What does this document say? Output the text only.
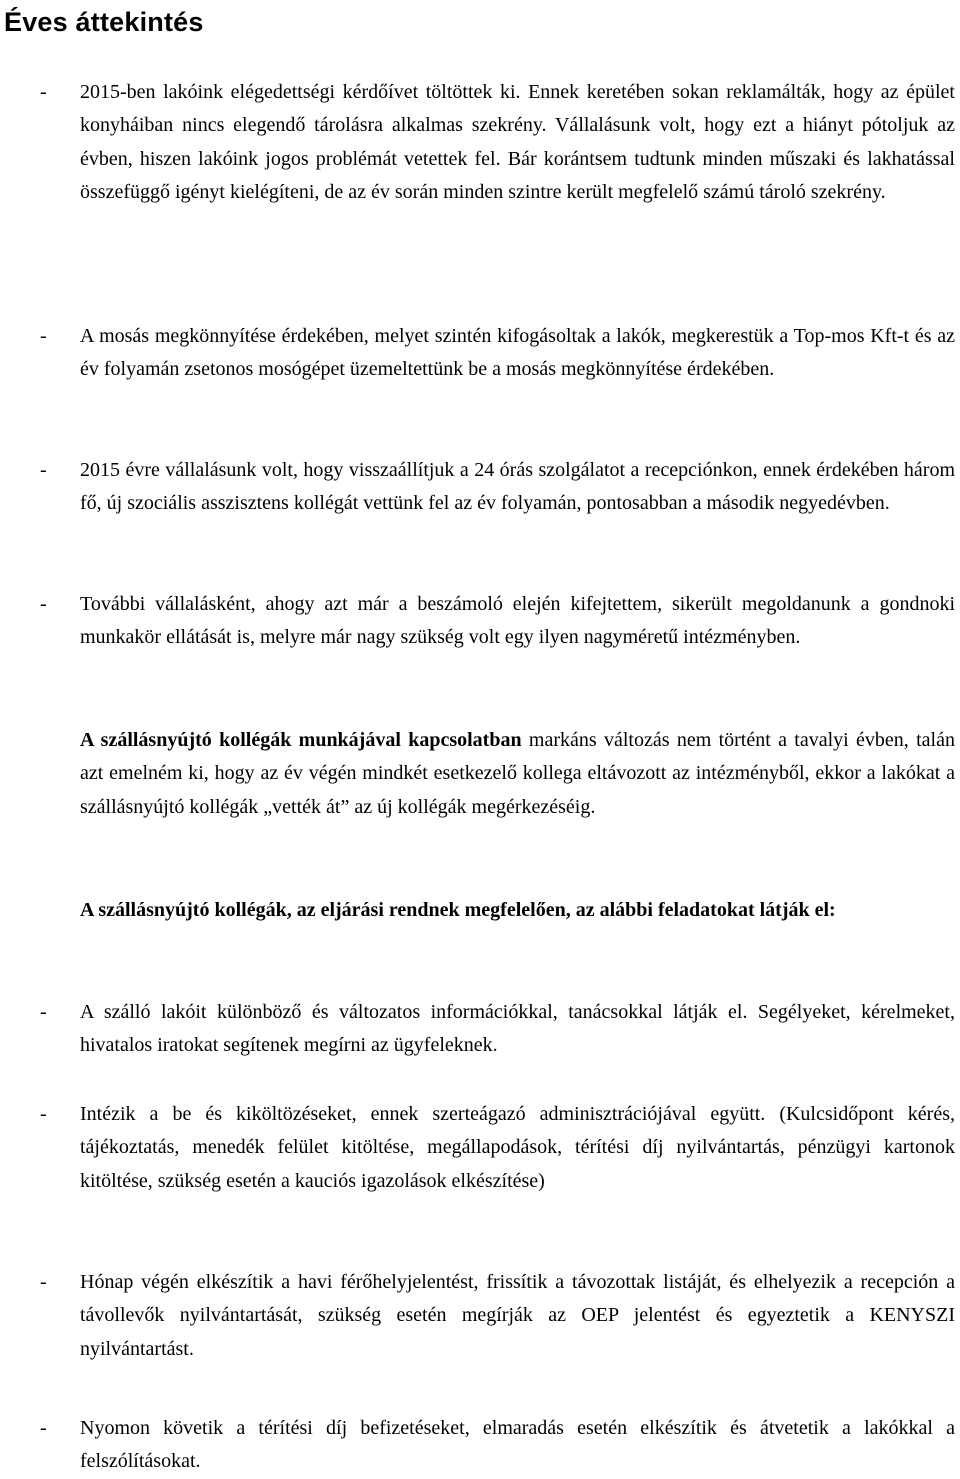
Éves áttekintés
-	2015-ben lakóink elégedettségi kérdőívet töltöttek ki. Ennek keretében sokan reklamálták, hogy az épület konyháiban nincs elegendő tárolásra alkalmas szekrény. Vállalásunk volt, hogy ezt a hiányt pótoljuk az évben, hiszen lakóink jogos problémát vetettek fel. Bár korántsem tudtunk minden műszaki és lakhatással összefüggő igényt kielégíteni, de az év során minden szintre került megfelelő számú tároló szekrény.
-	A mosás megkönnyítése érdekében, melyet szintén kifogásoltak a lakók, megkerestük a Top-mos Kft-t és az év folyamán zsetonos mosógépet üzemeltettünk be a mosás megkönnyítése érdekében.
-	2015 évre vállalásunk volt, hogy visszaállítjuk a 24 órás szolgálatot a recepciónkon, ennek érdekében három fő, új szociális asszisztens kollégát vettünk fel az év folyamán, pontosabban a második negyedévben.
-	További vállalásként, ahogy azt már a beszámoló elején kifejtettem, sikerült megoldanunk a gondnoki munkakör ellátását is, melyre már nagy szükség volt egy ilyen nagyméretű intézményben.

A szállásnyújtó kollégák munkájával kapcsolatban markáns változás nem történt a tavalyi évben, talán azt emelném ki, hogy az év végén mindkét esetkezelő kollega eltávozott az intézményből, ekkor a lakókat a szállásnyújtó kollégák „vették át” az új kollégák megérkezéséig.

A szállásnyújtó kollégák, az eljárási rendnek megfelelően, az alábbi feladatokat látják el:

-	A szálló lakóit különböző és változatos információkkal, tanácsokkal látják el. Segélyeket, kérelmeket, hivatalos iratokat segítenek megírni az ügyfeleknek.
-	Intézik a be és kiköltözéseket, ennek szerteágazó adminisztrációjával együtt. (Kulcsidőpont kérés, tájékoztatás, menedék felület kitöltése, megállapodások, térítési díj nyilvántartás, pénzügyi kartonok kitöltése, szükség esetén a kauciós igazolások elkészítése)
-	Hónap végén elkészítik a havi férőhelyjelentést, frissítik a távozottak listáját, és elhelyezik a recepción a távollevők nyilvántartását, szükség esetén megírják az OEP jelentést és egyeztetik a KENYSZI nyilvántartást.
-	Nyomon követik a térítési díj befizetéseket, elmaradás esetén elkészítik és átvetetik a lakókkal a felszólításokat.
